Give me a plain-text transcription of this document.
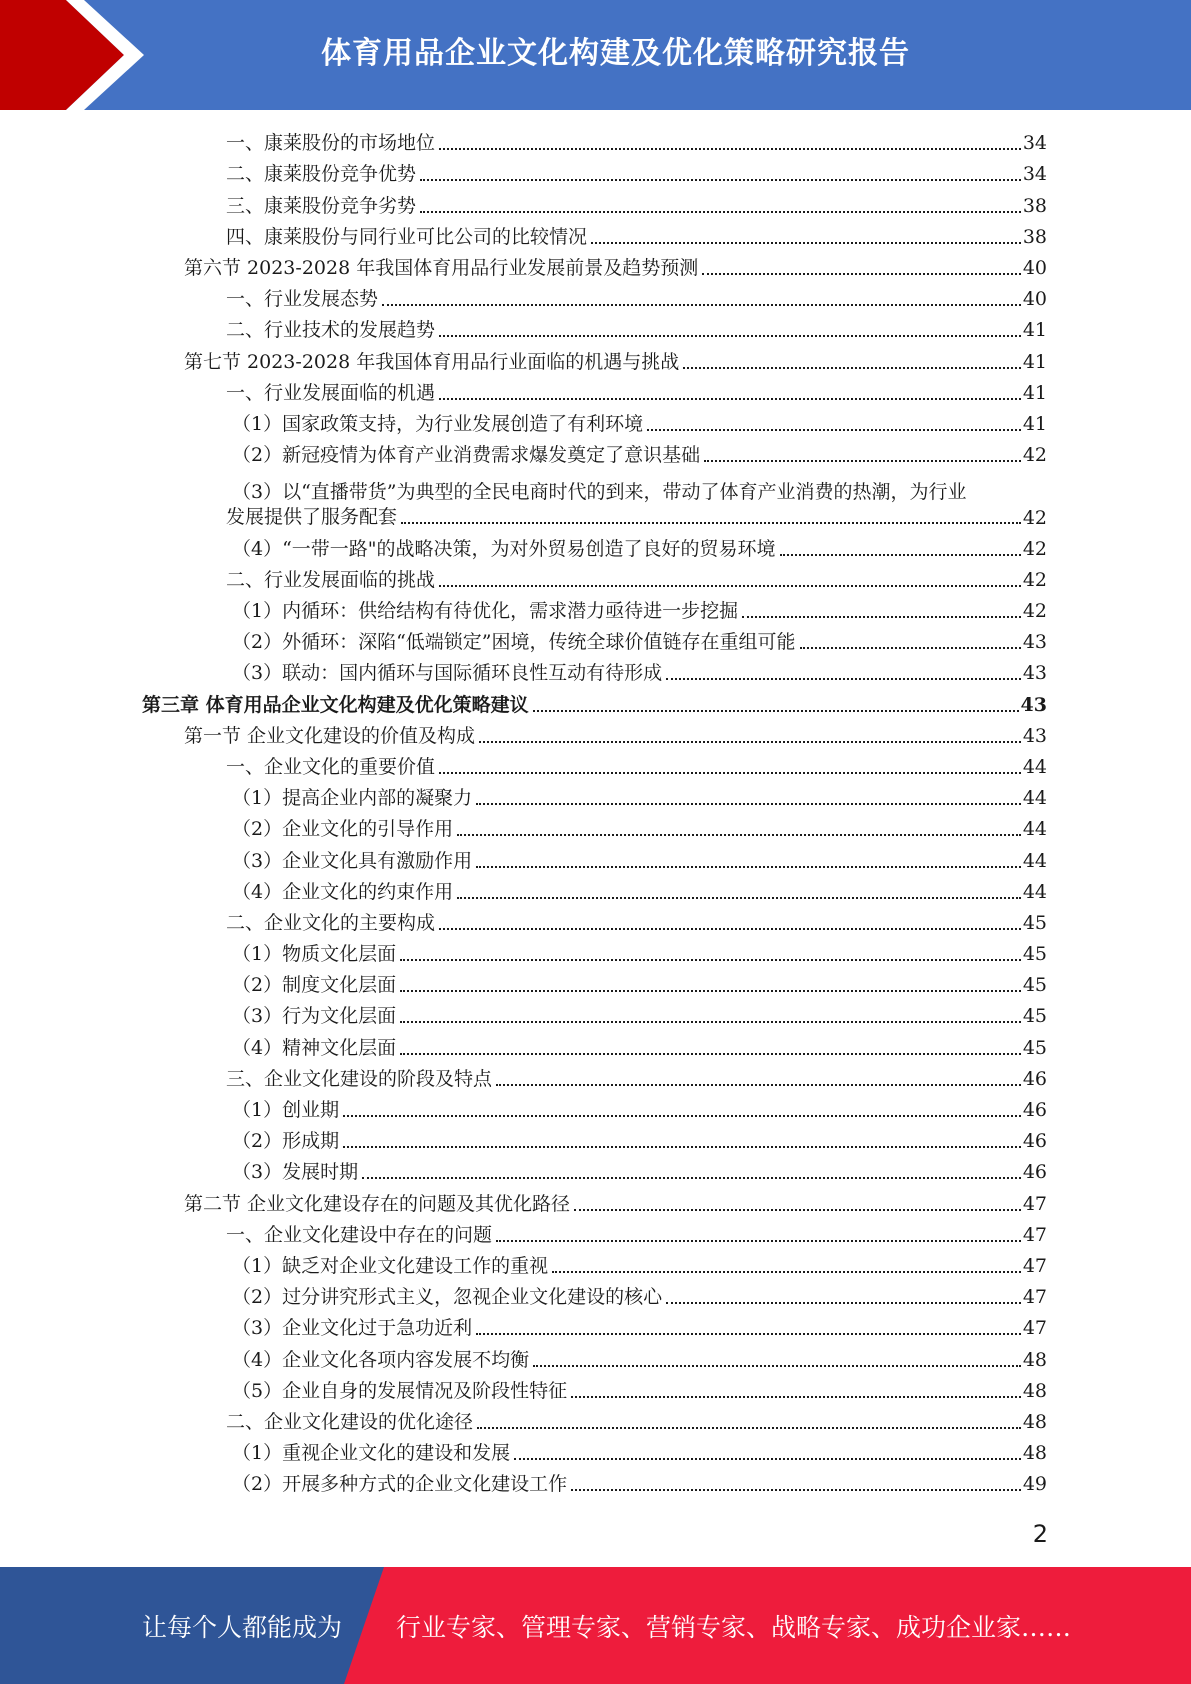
体育用品企业文化构建及优化策略研究报告
一、康莱股份的市场地位	34
二、康莱股份竞争优势	34
三、康莱股份竞争劣势	38
四、康莱股份与同行业可比公司的比较情况	38
第六节 2023-2028 年我国体育用品行业发展前景及趋势预测	40
一、行业发展态势	40
二、行业技术的发展趋势	41
第七节 2023-2028 年我国体育用品行业面临的机遇与挑战	41
一、行业发展面临的机遇	41
（1）国家政策支持，为行业发展创造了有利环境	41
（2）新冠疫情为体育产业消费需求爆发奠定了意识基础	42
（3）以“直播带货”为典型的全民电商时代的到来，带动了体育产业消费的热潮，为行业
发展提供了服务配套	42
（4）“一带一路"的战略决策，为对外贸易创造了良好的贸易环境	42
二、行业发展面临的挑战	42
（1）内循环：供给结构有待优化，需求潜力亟待进一步挖掘	42
（2）外循环：深陷“低端锁定”困境，传统全球价值链存在重组可能	43
（3）联动：国内循环与国际循环良性互动有待形成	43
第三章 体育用品企业文化构建及优化策略建议	43
第一节 企业文化建设的价值及构成	43
一、企业文化的重要价值	44
（1）提高企业内部的凝聚力	44
（2）企业文化的引导作用	44
（3）企业文化具有激励作用	44
（4）企业文化的约束作用	44
二、企业文化的主要构成	45
（1）物质文化层面	45
（2）制度文化层面	45
（3）行为文化层面	45
（4）精神文化层面	45
三、企业文化建设的阶段及特点	46
（1）创业期	46
（2）形成期	46
（3）发展时期	46
第二节 企业文化建设存在的问题及其优化路径	47
一、企业文化建设中存在的问题	47
（1）缺乏对企业文化建设工作的重视	47
（2）过分讲究形式主义，忽视企业文化建设的核心	47
（3）企业文化过于急功近利	47
（4）企业文化各项内容发展不均衡	48
（5）企业自身的发展情况及阶段性特征	48
二、企业文化建设的优化途径	48
（1）重视企业文化的建设和发展	48
（2）开展多种方式的企业文化建设工作	49
2
让每个人都能成为 行业专家、管理专家、营销专家、战略专家、成功企业家……
